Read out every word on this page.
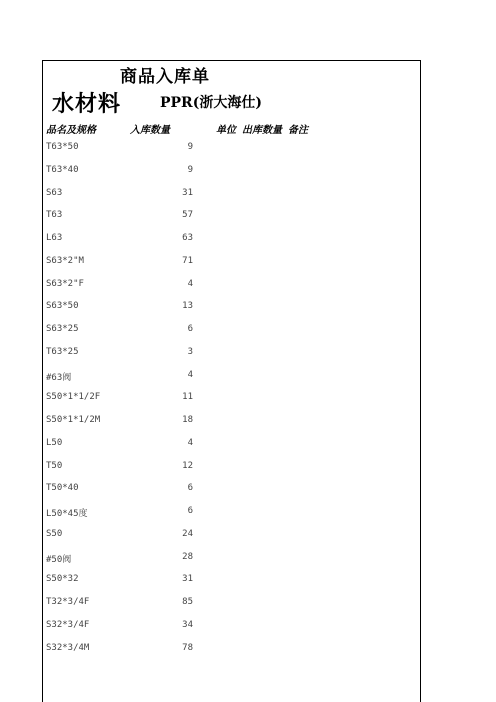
商品入库单
水材料	PPR(浙大海仕)
品名及规格	入库数量	单位 出库数量 备注
T63*50	9
T63*40	9
S63	31
T63	57
L63	63
S63*2"M	71
S63*2"F	4
S63*50	13
S63*25	6
T63*25	3
#63阀	4
S50*1*1/2F	11
S50*1*1/2M	18
L50	4
T50	12
T50*40	6
L50*45度	6
S50	24
#50阀	28
S50*32	31
T32*3/4F	85
S32*3/4F	34
S32*3/4M	78
